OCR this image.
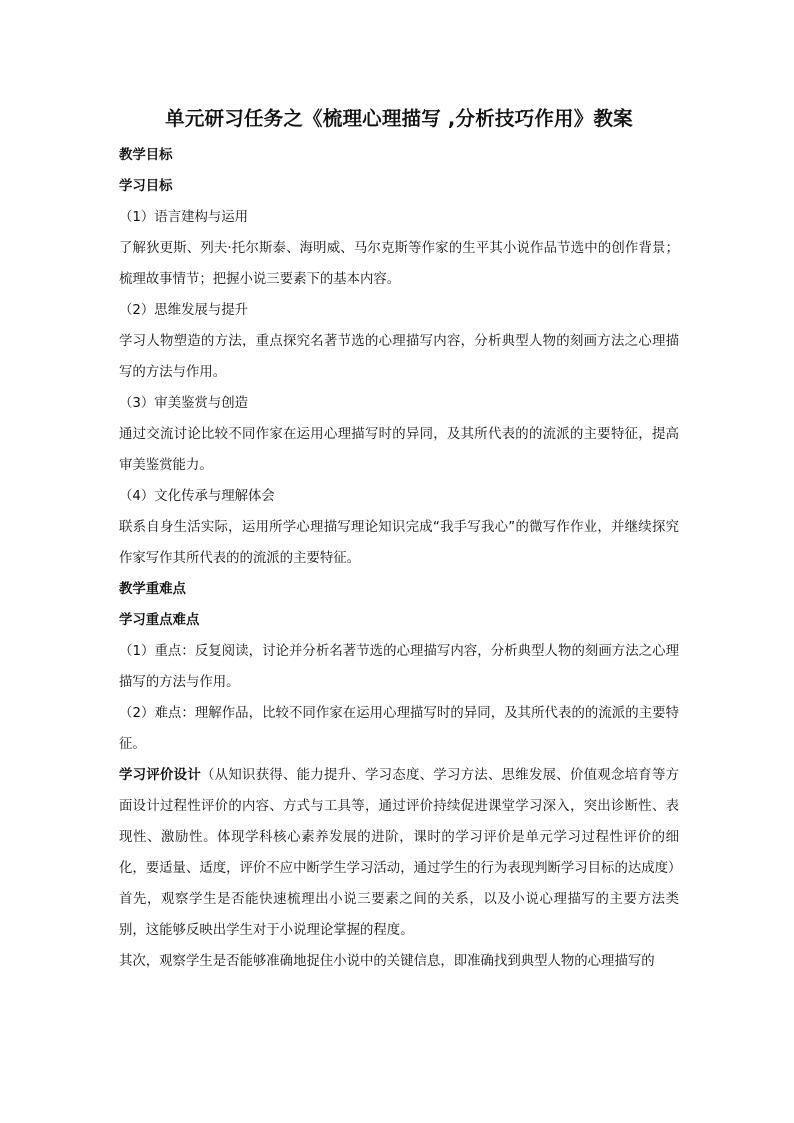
单元研习任务之《梳理心理描写 ,分析技巧作用》教案

教学目标

学习目标

（1）语言建构与运用

了解狄更斯、列夫·托尔斯泰、海明威、马尔克斯等作家的生平其小说作品节选中的创作背景；梳理故事情节；把握小说三要素下的基本内容。

（2）思维发展与提升

学习人物塑造的方法，重点探究名著节选的心理描写内容，分析典型人物的刻画方法之心理描写的方法与作用。

（3）审美鉴赏与创造

通过交流讨论比较不同作家在运用心理描写时的异同，及其所代表的的流派的主要特征，提高审美鉴赏能力。

（4）文化传承与理解体会

联系自身生活实际，运用所学心理描写理论知识完成“我手写我心”的微写作作业，并继续探究作家写作其所代表的的流派的主要特征。

教学重难点

学习重点难点

（1）重点：反复阅读，讨论并分析名著节选的心理描写内容，分析典型人物的刻画方法之心理描写的方法与作用。

（2）难点：理解作品，比较不同作家在运用心理描写时的异同，及其所代表的的流派的主要特征。

学习评价设计（从知识获得、能力提升、学习态度、学习方法、思维发展、价值观念培育等方面设计过程性评价的内容、方式与工具等，通过评价持续促进课堂学习深入，突出诊断性、表现性、激励性。体现学科核心素养发展的进阶，课时的学习评价是单元学习过程性评价的细化，要适量、适度，评价不应中断学生学习活动，通过学生的行为表现判断学习目标的达成度）

首先，观察学生是否能快速梳理出小说三要素之间的关系，以及小说心理描写的主要方法类别，这能够反映出学生对于小说理论掌握的程度。

其次，观察学生是否能够准确地捉住小说中的关键信息，即准确找到典型人物的心理描写的
